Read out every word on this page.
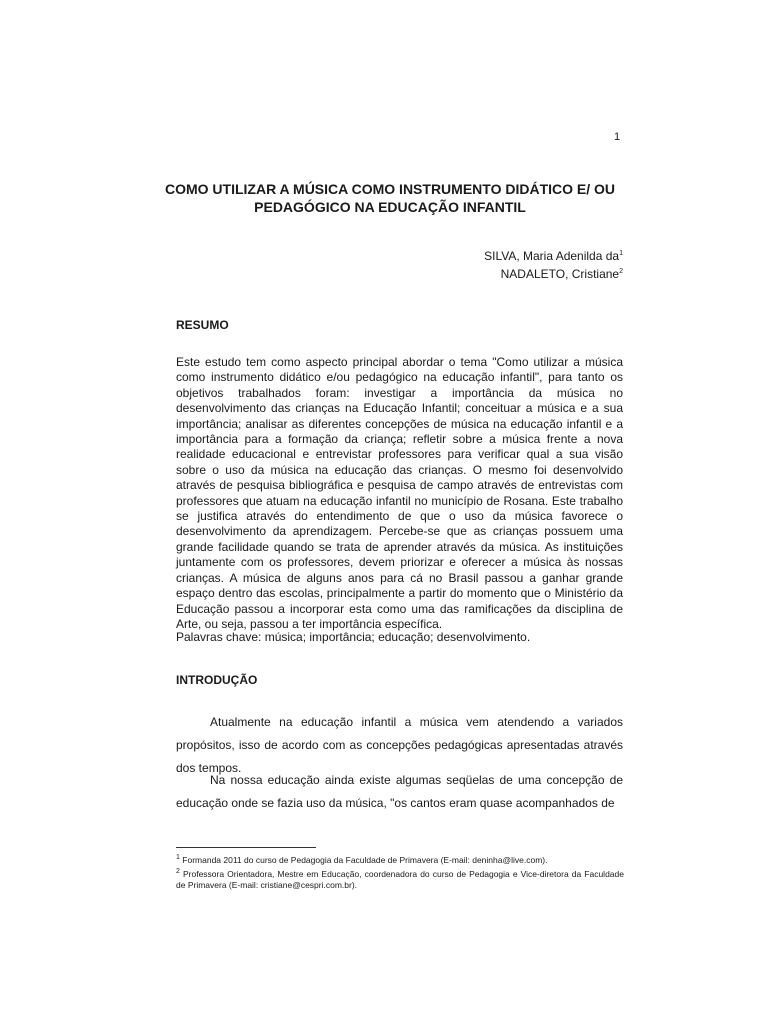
1
COMO UTILIZAR A MÚSICA COMO INSTRUMENTO DIDÁTICO E/ OU PEDAGÓGICO NA EDUCAÇÃO INFANTIL
SILVA, Maria Adenilda $da^1$
NADALETO, Cristiane$^2$
RESUMO

Este estudo tem como aspecto principal abordar o tema "Como utilizar a música como instrumento didático e/ou pedagógico na educação infantil", para tanto os objetivos trabalhados foram: investigar a importância da música no desenvolvimento das crianças na Educação Infantil; conceituar a música e a sua importância; analisar as diferentes concepções de música na educação infantil e a importância para a formação da criança; refletir sobre a música frente a nova realidade educacional e entrevistar professores para verificar qual a sua visão sobre o uso da música na educação das crianças. O mesmo foi desenvolvido através de pesquisa bibliográfica e pesquisa de campo através de entrevistas com professores que atuam na educação infantil no município de Rosana. Este trabalho se justifica através do entendimento de que o uso da música favorece o desenvolvimento da aprendizagem. Percebe-se que as crianças possuem uma grande facilidade quando se trata de aprender através da música. As instituições juntamente com os professores, devem priorizar e oferecer a música às nossas crianças. A música de alguns anos para cá no Brasil passou a ganhar grande espaço dentro das escolas, principalmente a partir do momento que o Ministério da Educação passou a incorporar esta como uma das ramificações da disciplina de Arte, ou seja, passou a ter importância específica.

Palavras chave: música; importância; educação; desenvolvimento.

INTRODUÇÃO

Atualmente na educação infantil a música vem atendendo a variados propósitos, isso de acordo com as concepções pedagógicas apresentadas através dos tempos.

Na nossa educação ainda existe algumas seqüelas de uma concepção de educação onde se fazia uso da música, "os cantos eram quase acompanhados de

$^1$ Formanda 2011 do curso de Pedagogia da Faculdade de Primavera (E-mail: deninha@live.com).

$^2$ Professora Orientadora, Mestre em Educação, coordenadora do curso de Pedagogia e Vice-diretora da Faculdade de Primavera (E-mail: cristiane@cespri.com.br).
